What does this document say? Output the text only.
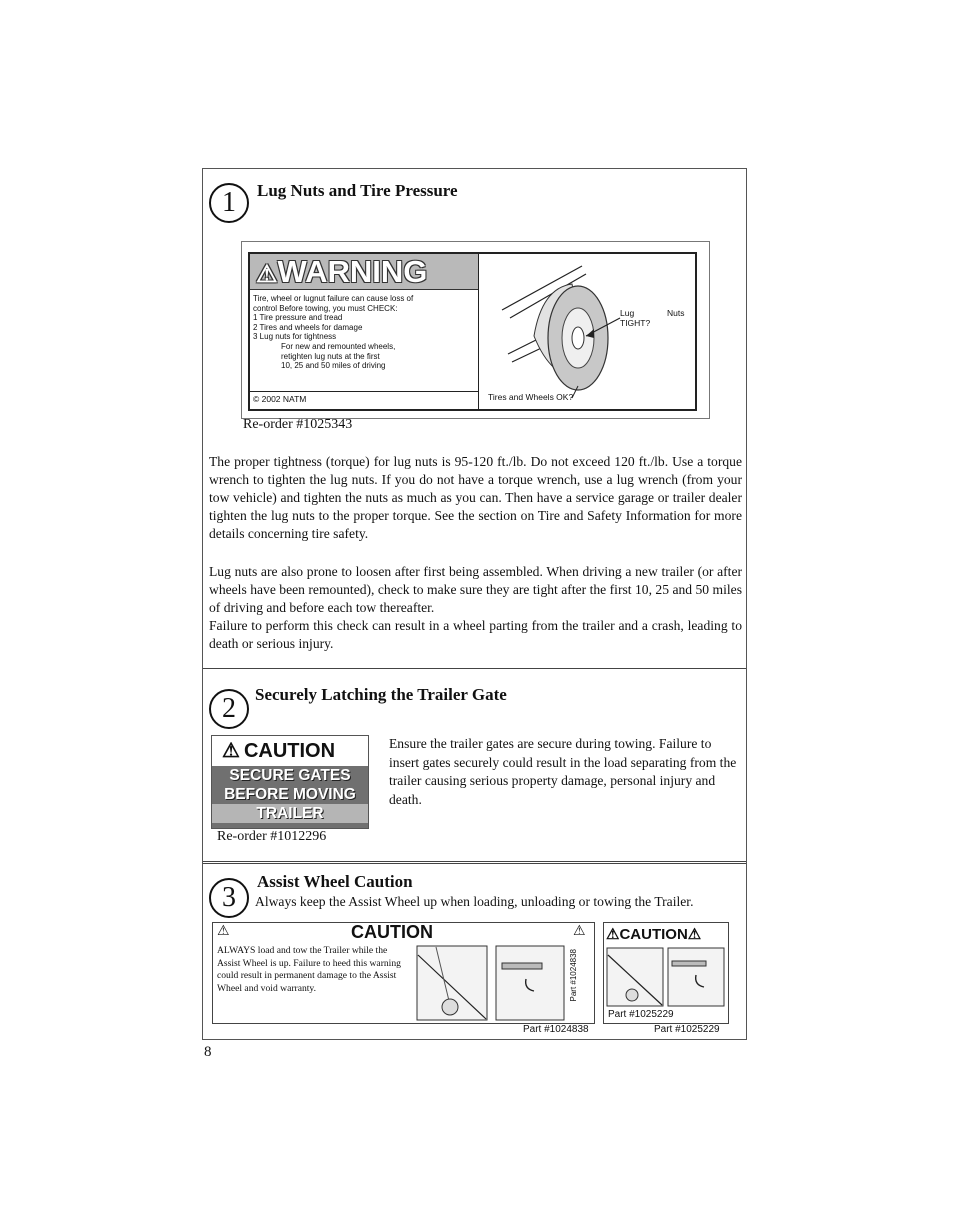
1	Lug Nuts and Tire Pressure
⚠WARNING
Tire, wheel or lugnut failure can cause loss of
control Before towing, you must CHECK:
1 Tire pressure and tread
2 Tires and wheels for damage
3 Lug nuts for tightness
For new and remounted wheels,
retighten lug nuts at the first
10, 25 and 50 miles of driving
© 2002 NATM
Lug	Nuts
TIGHT?
Tires and Wheels OK?
Re-order #1025343

The proper tightness (torque) for lug nuts is 95-120 ft./lb. Do not exceed 120 ft./lb. Use a torque wrench to tighten the lug nuts. If you do not have a torque wrench, use a lug wrench (from your tow vehicle) and tighten the nuts as much as you can. Then have a service garage or trailer dealer tighten the lug nuts to the proper torque. See the section on Tire and Safety Information for more details concerning tire safety.

Lug nuts are also prone to loosen after first being assembled. When driving a new trailer (or after wheels have been remounted), check to make sure they are tight after the first 10, 25 and 50 miles of driving and before each tow thereafter.

Failure to perform this check can result in a wheel parting from the trailer and a crash, leading to death or serious injury.

2	Securely Latching the Trailer Gate
⚠ CAUTION
SECURE GATES
BEFORE MOVING
TRAILER
Re-order #1012296

Ensure the trailer gates are secure during towing. Failure to insert gates securely could result in the load separating from the trailer causing serious property damage, personal injury and death.

3
Assist Wheel Caution
Always keep the Assist Wheel up when loading, unloading or towing the Trailer.
⚠	CAUTION	⚠
ALWAYS load and tow the Trailer while the Assist Wheel is up. Failure to heed this warning could result in permanent damage to the Assist Wheel and void warranty.	Part #1024838
Part #1024838
⚠CAUTION⚠
Part #1025229
Part #1025229
8
